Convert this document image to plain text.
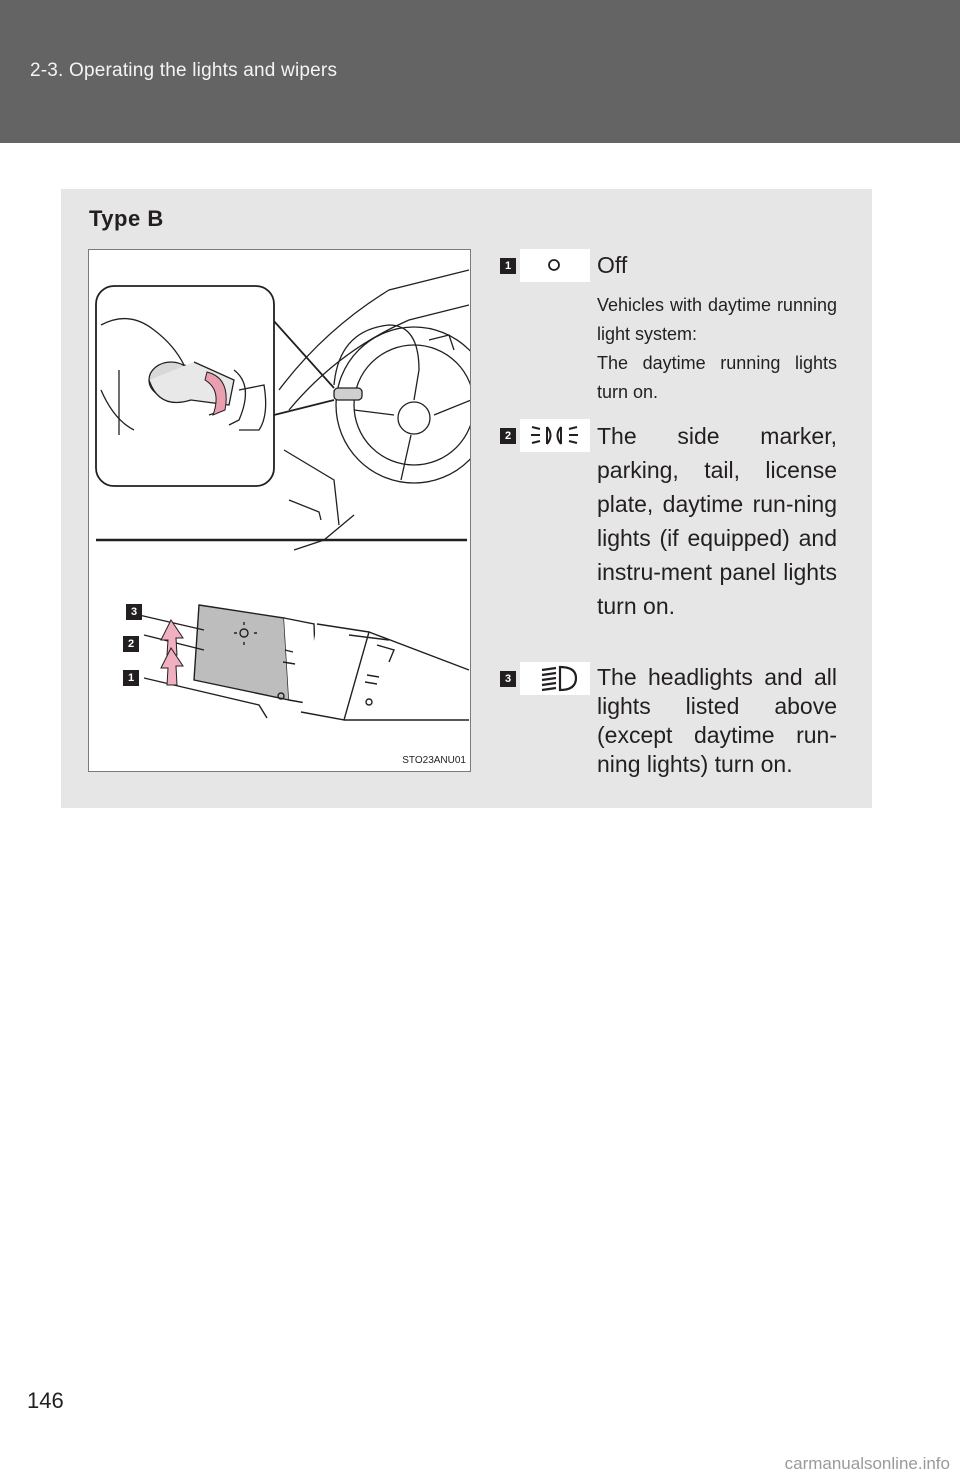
2-3. Operating the lights and wipers
Type B
3
2
1
STO23ANU01
1	Off
Vehicles with daytime running light system:
The daytime running lights turn on.
2	The side marker, parking, tail, license plate, daytime run-ning lights (if equipped) and instru-ment panel lights turn on.
3	The headlights and all lights listed above (except daytime run-ning lights) turn on.
146
carmanualsonline.info
